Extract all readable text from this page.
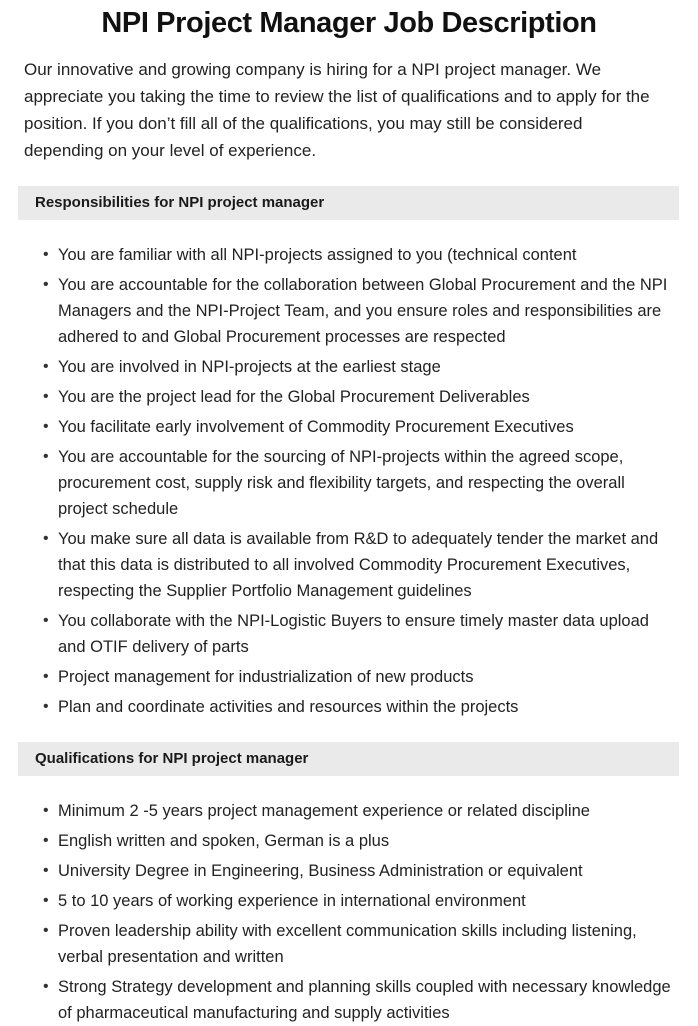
NPI Project Manager Job Description

Our innovative and growing company is hiring for a NPI project manager. We appreciate you taking the time to review the list of qualifications and to apply for the position. If you don’t fill all of the qualifications, you may still be considered depending on your level of experience.

Responsibilities for NPI project manager
• You are familiar with all NPI-projects assigned to you (technical content
• You are accountable for the collaboration between Global Procurement and the NPI Managers and the NPI-Project Team, and you ensure roles and responsibilities are adhered to and Global Procurement processes are respected
• You are involved in NPI-projects at the earliest stage
• You are the project lead for the Global Procurement Deliverables
• You facilitate early involvement of Commodity Procurement Executives
• You are accountable for the sourcing of NPI-projects within the agreed scope, procurement cost, supply risk and flexibility targets, and respecting the overall project schedule
• You make sure all data is available from R&D to adequately tender the market and that this data is distributed to all involved Commodity Procurement Executives, respecting the Supplier Portfolio Management guidelines
• You collaborate with the NPI-Logistic Buyers to ensure timely master data upload and OTIF delivery of parts
• Project management for industrialization of new products
• Plan and coordinate activities and resources within the projects
Qualifications for NPI project manager
• Minimum 2 -5 years project management experience or related discipline
• English written and spoken, German is a plus
• University Degree in Engineering, Business Administration or equivalent
• 5 to 10 years of working experience in international environment
• Proven leadership ability with excellent communication skills including listening, verbal presentation and written
• Strong Strategy development and planning skills coupled with necessary knowledge of pharmaceutical manufacturing and supply activities
